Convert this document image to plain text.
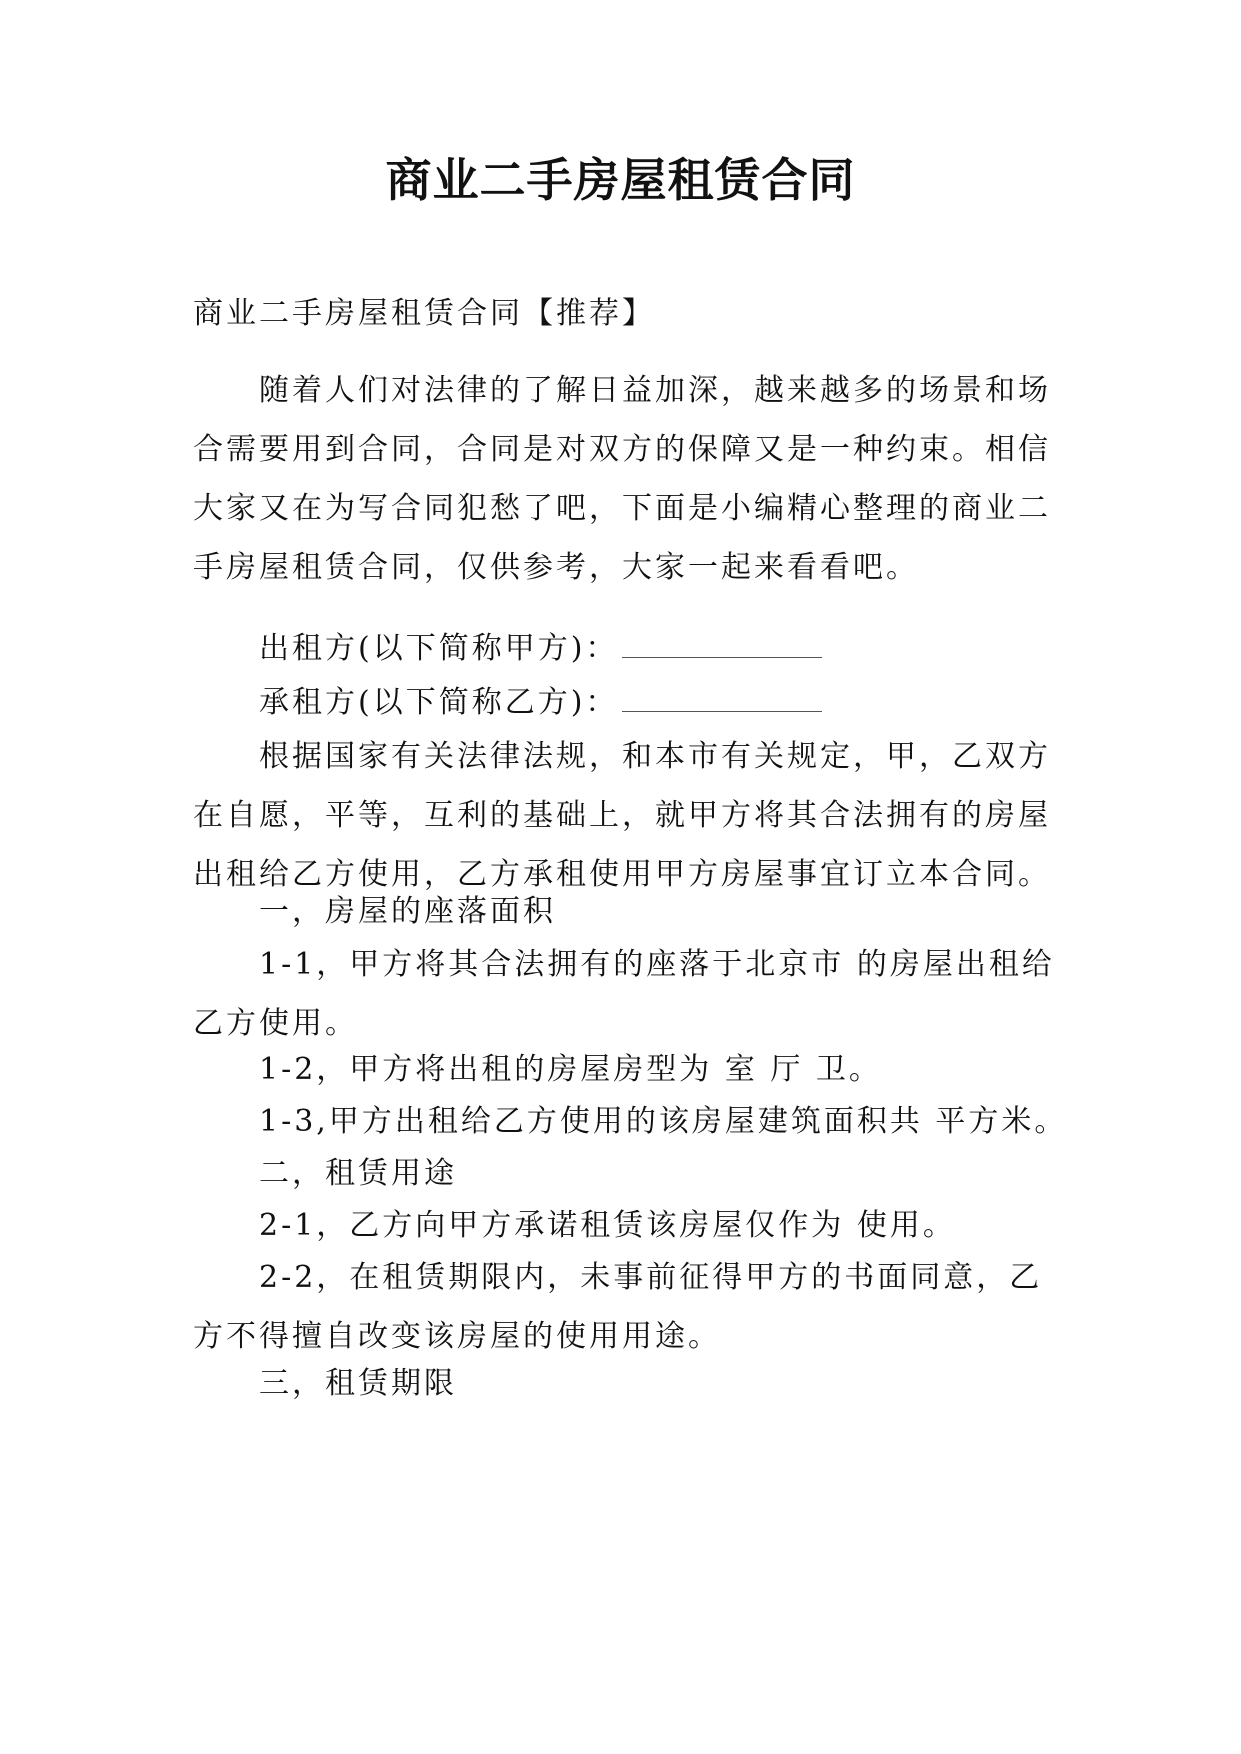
商业二手房屋租赁合同
商业二手房屋租赁合同【推荐】

随着人们对法律的了解日益加深，越来越多的场景和场合需要用到合同，合同是对双方的保障又是一种约束。相信大家又在为写合同犯愁了吧，下面是小编精心整理的商业二手房屋租赁合同，仅供参考，大家一起来看看吧。

出租方(以下简称甲方)：
承租方(以下简称乙方)：

根据国家有关法律法规，和本市有关规定，甲，乙双方在自愿，平等，互利的基础上，就甲方将其合法拥有的房屋出租给乙方使用，乙方承租使用甲方房屋事宜订立本合同。

一，房屋的座落面积

1-1，甲方将其合法拥有的座落于北京市 的房屋出租给乙方使用。

1-2，甲方将出租的房屋房型为 室 厅 卫。
1-3,甲方出租给乙方使用的该房屋建筑面积共 平方米。
二，租赁用途
2-1，乙方向甲方承诺租赁该房屋仅作为 使用。

2-2，在租赁期限内，未事前征得甲方的书面同意，乙方不得擅自改变该房屋的使用用途。

三，租赁期限
